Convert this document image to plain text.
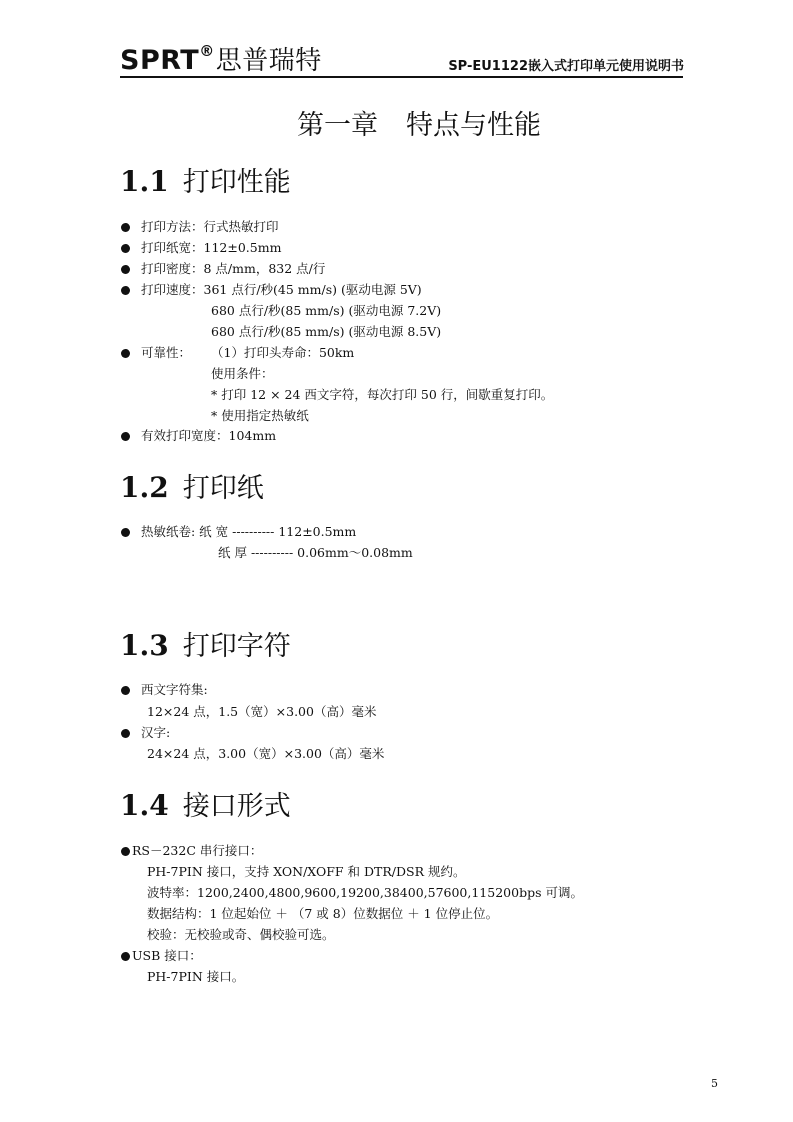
SPRT®思普瑞特	SP-EU1122嵌入式打印单元使用说明书
第一章 特点与性能
1.1 打印性能
打印方法：行式热敏打印
打印纸宽：112±0.5mm
打印密度：8 点/mm，832 点/行
打印速度：361 点行/秒(45 mm/s) (驱动电源 5V)
680 点行/秒(85 mm/s) (驱动电源 7.2V)
680 点行/秒(85 mm/s) (驱动电源 8.5V)
可靠性： （1）打印头寿命：50km
使用条件：
* 打印 12 × 24 西文字符，每次打印 50 行，间歇重复打印。
* 使用指定热敏纸
有效打印宽度：104mm
1.2 打印纸
热敏纸卷: 纸 宽 ---------- 112±0.5mm
纸 厚 ---------- 0.06mm～0.08mm
1.3 打印字符
西文字符集:
12×24 点，1.5（宽）×3.00（高）毫米
汉字:
24×24 点，3.00（宽）×3.00（高）毫米
1.4 接口形式
RS－232C 串行接口：
PH-7PIN 接口，支持 XON/XOFF 和 DTR/DSR 规约。
波特率：1200,2400,4800,9600,19200,38400,57600,115200bps 可调。
数据结构：1 位起始位 ＋ （7 或 8）位数据位 ＋ 1 位停止位。
校验：无校验或奇、偶校验可选。
USB 接口：
PH-7PIN 接口。
5
